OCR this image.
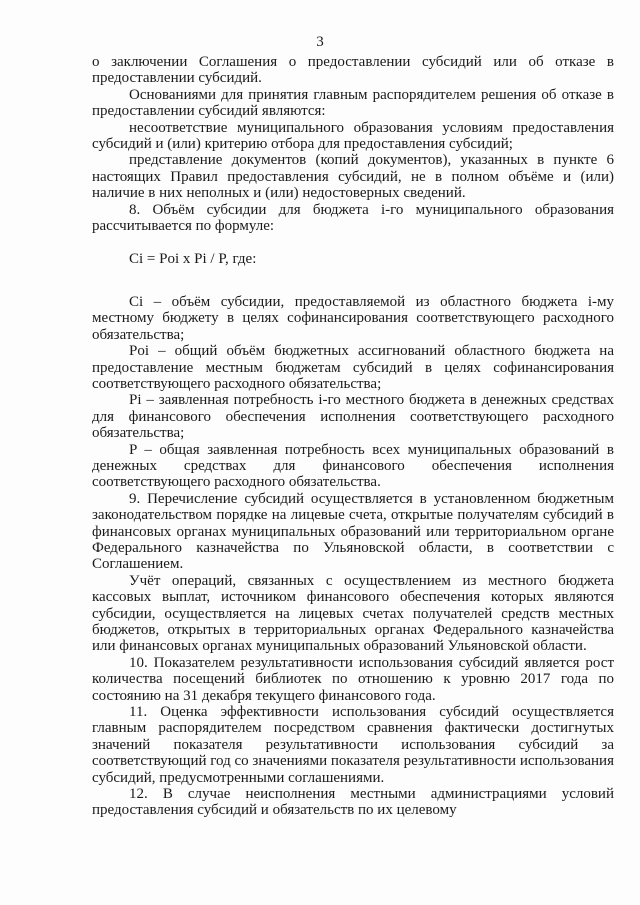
3

о заключении Соглашения о предоставлении субсидий или об отказе в предоставлении субсидий.

Основаниями для принятия главным распорядителем решения об отказе в предоставлении субсидий являются:

несоответствие муниципального образования условиям предоставления субсидий и (или) критерию отбора для предоставления субсидий;

представление документов (копий документов), указанных в пункте 6 настоящих Правил предоставления субсидий, не в полном объёме и (или) наличие в них неполных и (или) недостоверных сведений.

8. Объём субсидии для бюджета i-го муниципального образования рассчитывается по формуле:

Ci = Poi x Pi / P, где:

Ci – объём субсидии, предоставляемой из областного бюджета i-му местному бюджету в целях софинансирования соответствующего расходного обязательства;

Poi – общий объём бюджетных ассигнований областного бюджета на предоставление местным бюджетам субсидий в целях софинансирования соответствующего расходного обязательства;

Pi – заявленная потребность i-го местного бюджета в денежных средствах для финансового обеспечения исполнения соответствующего расходного обязательства;

P – общая заявленная потребность всех муниципальных образований в денежных средствах для финансового обеспечения исполнения соответствующего расходного обязательства.

9. Перечисление субсидий осуществляется в установленном бюджетным законодательством порядке на лицевые счета, открытые получателям субсидий в финансовых органах муниципальных образований или территориальном органе Федерального казначейства по Ульяновской области, в соответствии с Соглашением.

Учёт операций, связанных с осуществлением из местного бюджета кассовых выплат, источником финансового обеспечения которых являются субсидии, осуществляется на лицевых счетах получателей средств местных бюджетов, открытых в территориальных органах Федерального казначейства или финансовых органах муниципальных образований Ульяновской области.

10. Показателем результативности использования субсидий является рост количества посещений библиотек по отношению к уровню 2017 года по состоянию на 31 декабря текущего финансового года.

11. Оценка эффективности использования субсидий осуществляется главным распорядителем посредством сравнения фактически достигнутых значений показателя результативности использования субсидий за соответствующий год со значениями показателя результативности использования субсидий, предусмотренными соглашениями.

12. В случае неисполнения местными администрациями условий предоставления субсидий и обязательств по их целевому
